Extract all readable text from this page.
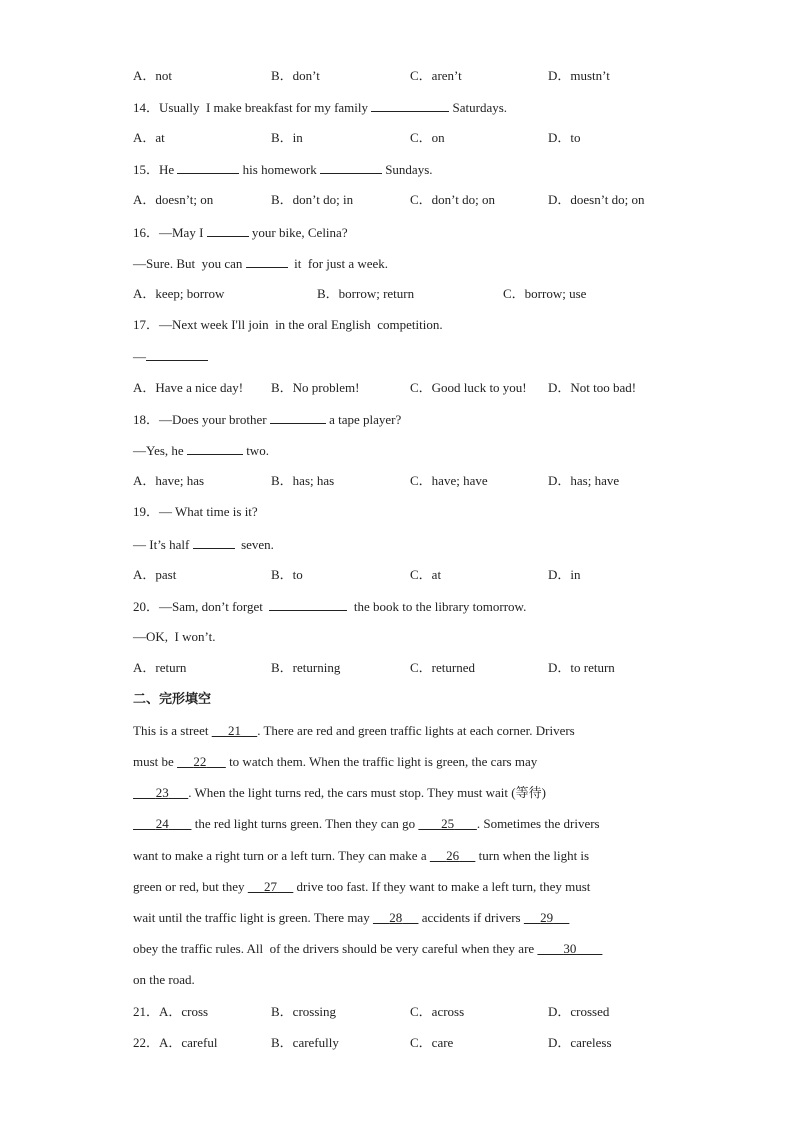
A．not	B．don’t	C．aren’t	D．mustn’t
14．Usually  I make breakfast for my family	Saturdays.
A．at	B．in	C．on	D．to
15．He	his homework	Sundays.
A．doesn’t; on	B．don’t do; in	C．don’t do; on	D．doesn’t do; on
16．—May I	your bike, Celina?
—Sure. But  you can	it  for just a week.
A．keep; borrow	B．borrow; return	C．borrow; use
17．—Next week I'll join  in the oral English  competition.
—
A．Have a nice day! B．No problem!	C．Good luck to you! D．Not too bad!
18．—Does your brother	a tape player?
—Yes, he	two.
A．have; has	B．has; has	C．have; have	D．has; have
19．— What time is it?
— It’s half	seven.
A．past	B．to	C．at	D．in
20．—Sam, don’t forget	the book to the library tomorrow.
—OK,  I won’t.
A．return	B．returning	C．returned	D．to return
二、完形填空
This is a street      21 . There are red and green traffic lights at each corner. Drivers
must be      22       to watch them. When the traffic light is green, the cars may
23 . When the light turns red, the cars must stop. They must wait (等待)
24        the red light turns green. Then they can go        25 . Sometimes the drivers
want to make a right turn or a left turn. They can make a      26      turn when the light is
green or red, but they      27      drive too fast. If they want to make a left turn, they must
wait until the traffic light is green. There may      28      accidents if drivers      29
obey the traffic rules. All  of the drivers should be very careful when they are         30
on the road.
21．A．cross	B．crossing	C．across	D．crossed
22．A．careful	B．carefully	C．care	D．careless
